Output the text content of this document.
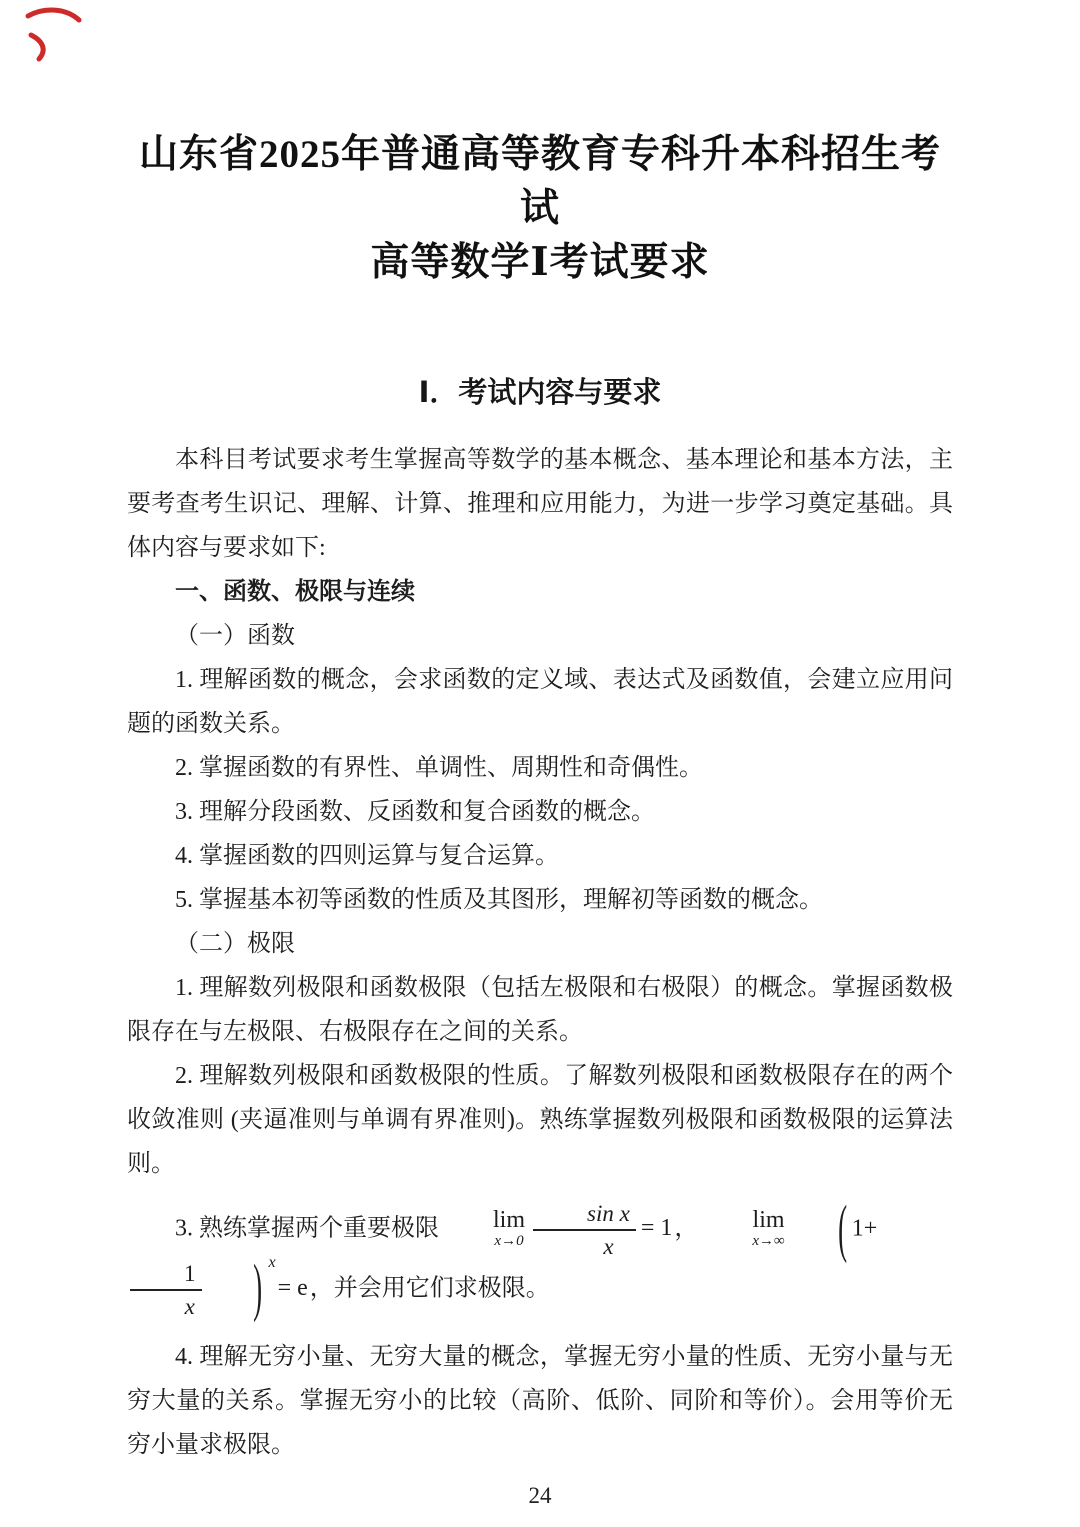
山东省2025年普通高等教育专科升本科招生考试
高等数学Ⅰ考试要求
Ⅰ．考试内容与要求

本科目考试要求考生掌握高等数学的基本概念、基本理论和基本方法，主要考查考生识记、理解、计算、推理和应用能力，为进一步学习奠定基础。具体内容与要求如下:

一、函数、极限与连续

（一）函数

1. 理解函数的概念，会求函数的定义域、表达式及函数值，会建立应用问题的函数关系。

2. 掌握函数的有界性、单调性、周期性和奇偶性。

3. 理解分段函数、反函数和复合函数的概念。

4. 掌握函数的四则运算与复合运算。

5. 掌握基本初等函数的性质及其图形，理解初等函数的概念。

（二）极限

1. 理解数列极限和函数极限（包括左极限和右极限）的概念。掌握函数极限存在与左极限、右极限存在之间的关系。

2. 理解数列极限和函数极限的性质。了解数列极限和函数极限存在的两个收敛准则 (夹逼准则与单调有界准则)。熟练掌握数列极限和函数极限的运算法则。

3. 熟练掌握两个重要极限	lim
$x\to 0 \frac{\text{sin x}}{x} = 1$，	lim
x→∞ ( 1+
$\frac{1}{x}$ ) $^x$= e，并会用它们求极限。

4. 理解无穷小量、无穷大量的概念，掌握无穷小量的性质、无穷小量与无穷大量的关系。掌握无穷小的比较（高阶、低阶、同阶和等价）。会用等价无穷小量求极限。

24
